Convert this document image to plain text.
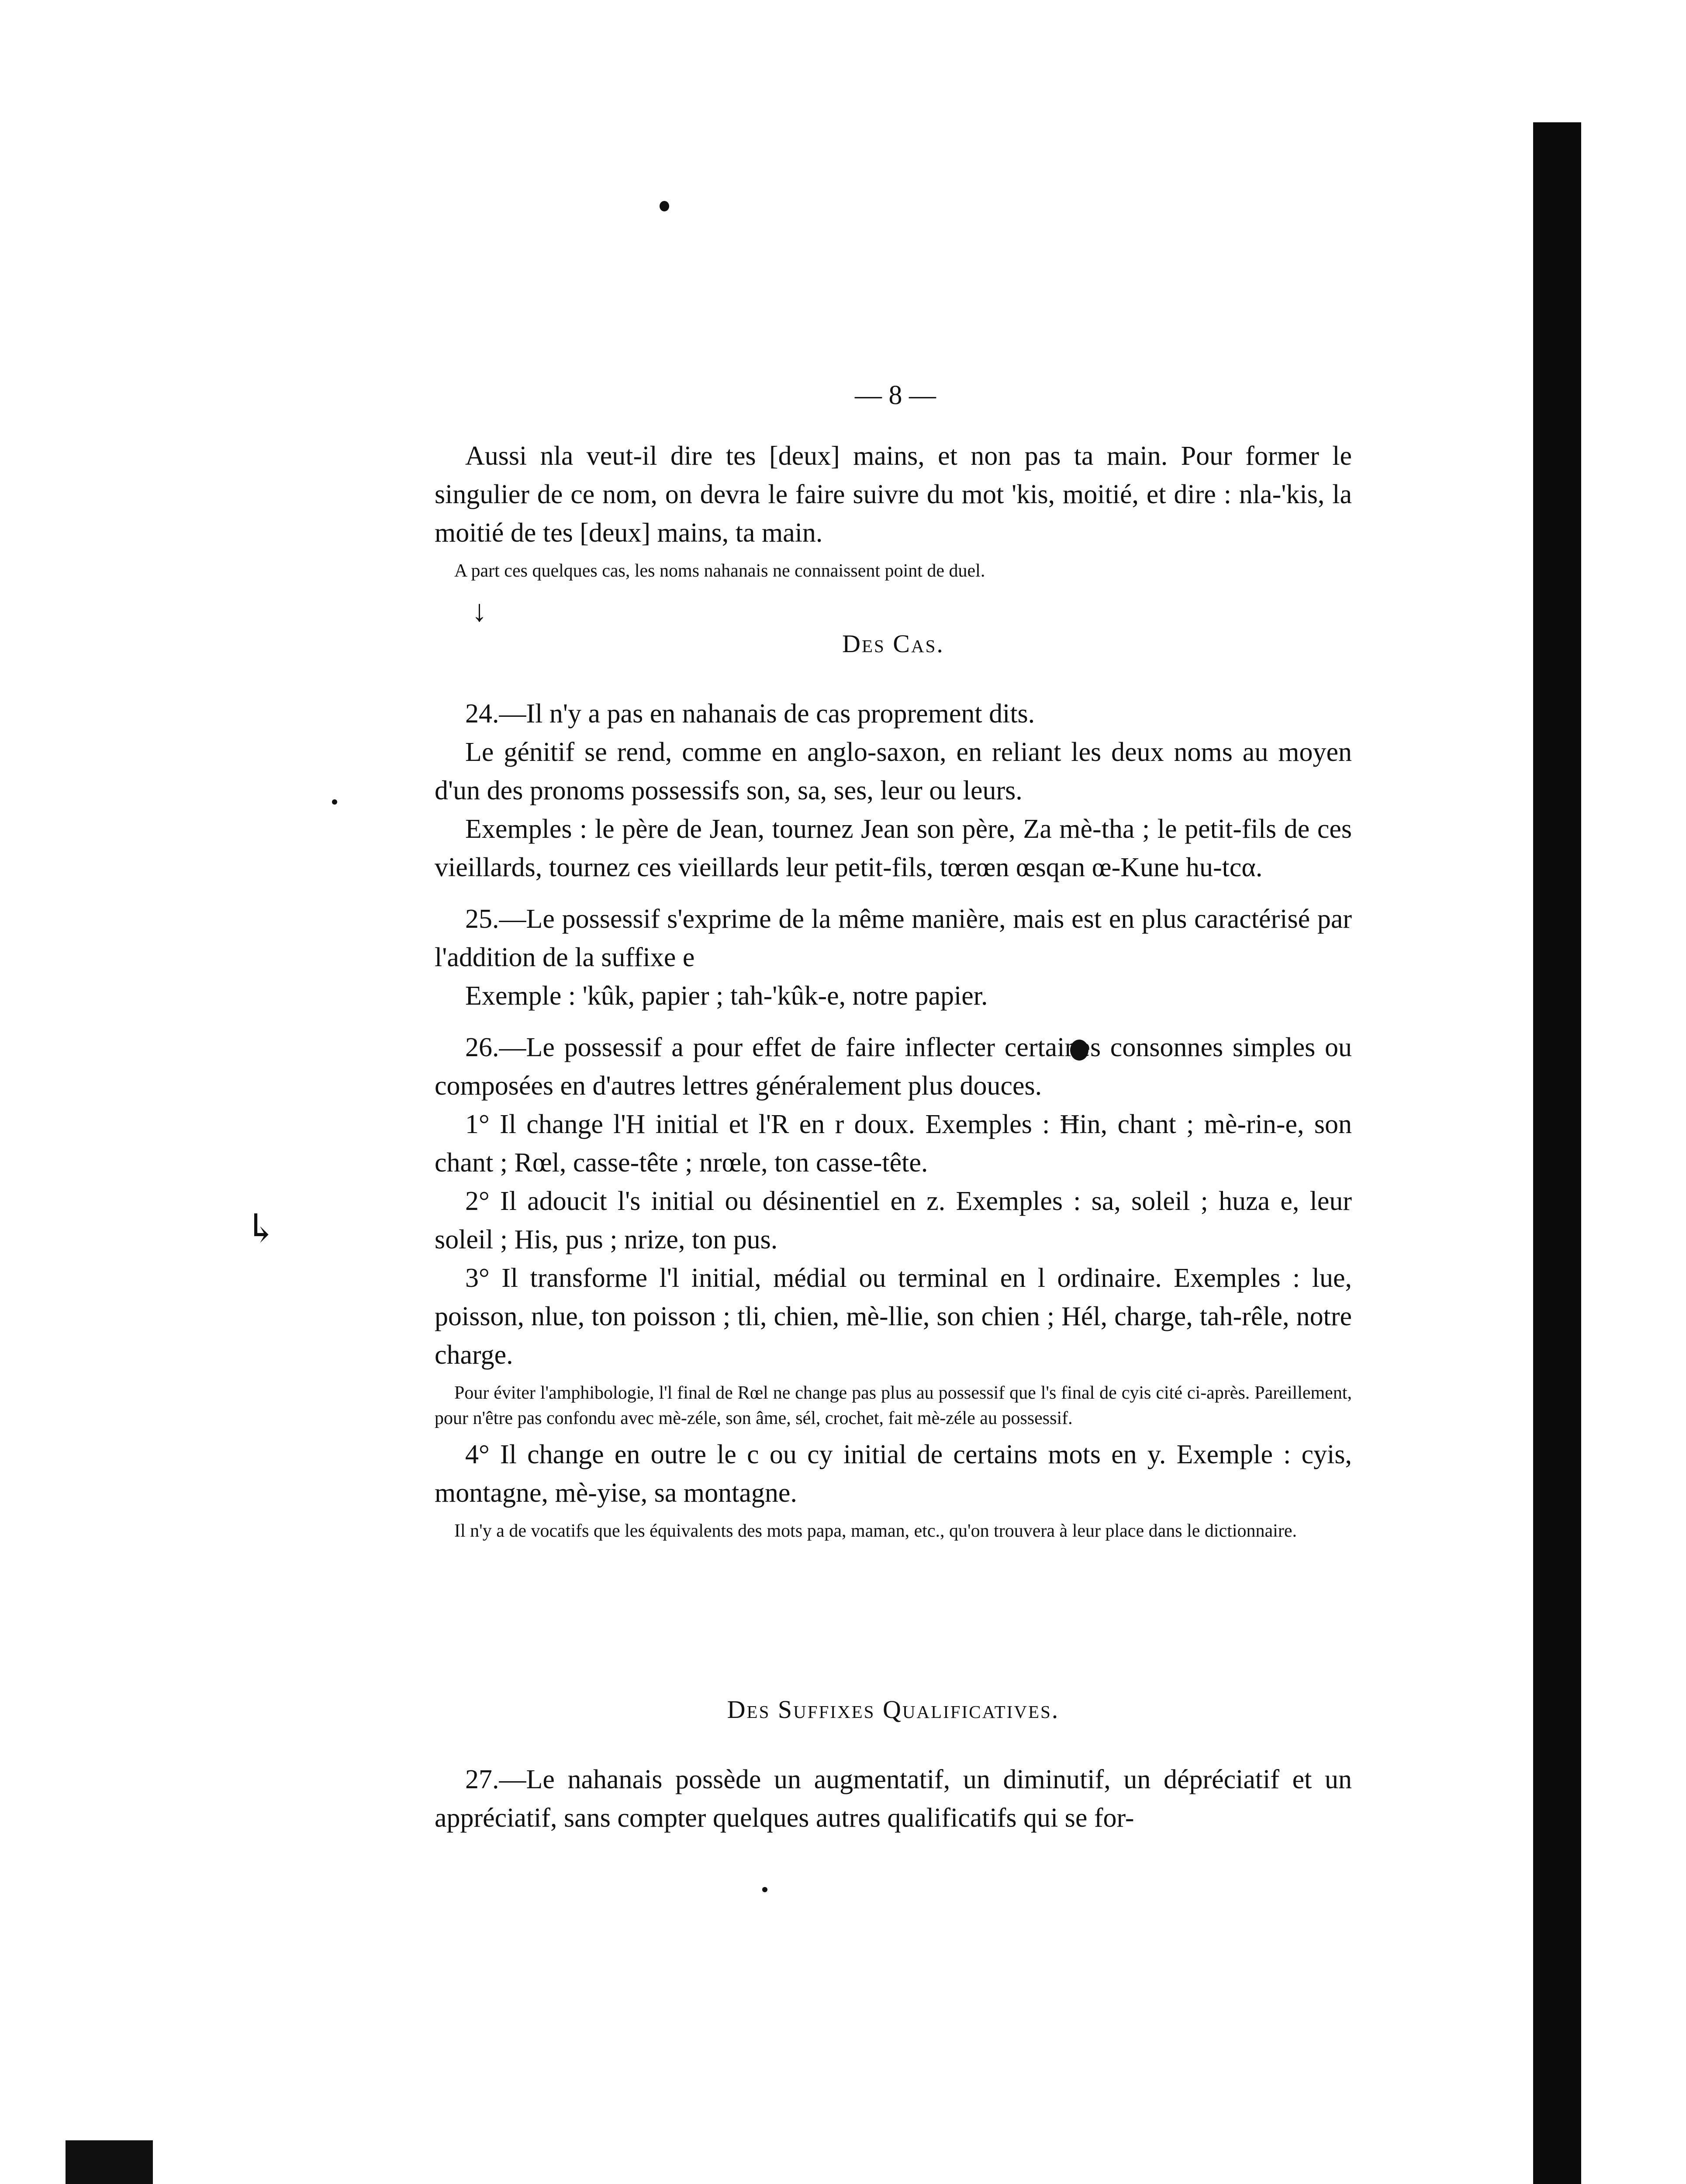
— 8 —
↳
↓

Aussi nla veut-il dire tes [deux] mains, et non pas ta main. Pour former le singulier de ce nom, on devra le faire suivre du mot 'kis, moitié, et dire : nla-'kis, la moitié de tes [deux] mains, ta main.

A part ces quelques cas, les noms nahanais ne connaissent point de duel.

Des Cas.

24.—Il n'y a pas en nahanais de cas proprement dits.

Le génitif se rend, comme en anglo-saxon, en reliant les deux noms au moyen d'un des pronoms possessifs son, sa, ses, leur ou leurs.

Exemples : le père de Jean, tournez Jean son père, Za mè-tha ; le petit-fils de ces vieillards, tournez ces vieillards leur petit-fils, tœrœn œsqan œ-Kune hu-tcα.

25.—Le possessif s'exprime de la même manière, mais est en plus caractérisé par l'addition de la suffixe e

Exemple : 'kûk, papier ; tah-'kûk-e, notre papier.

26.—Le possessif a pour effet de faire inflecter certaines consonnes simples ou composées en d'autres lettres généralement plus douces.

1° Il change l'H initial et l'R en r doux. Exemples : Ħin, chant ; mè-rin-e, son chant ; Rœl, casse-tête ; nrœle, ton casse-tête.

2° Il adoucit l's initial ou désinentiel en z. Exemples : sa, soleil ; huza e, leur soleil ; His, pus ; nrize, ton pus.

3° Il transforme l'l initial, médial ou terminal en l ordinaire. Exemples : lue, poisson, nlue, ton poisson ; tli, chien, mè-llie, son chien ; Hél, charge, tah-rêle, notre charge.

Pour éviter l'amphibologie, l'l final de Rœl ne change pas plus au possessif que l's final de cyis cité ci-après. Pareillement, pour n'être pas confondu avec mè-zéle, son âme, sél, crochet, fait mè-zéle au possessif.

4° Il change en outre le c ou cy initial de certains mots en y. Exemple : cyis, montagne, mè-yise, sa montagne.

Il n'y a de vocatifs que les équivalents des mots papa, maman, etc., qu'on trouvera à leur place dans le dictionnaire.

Des Suffixes Qualificatives.

27.—Le nahanais possède un augmentatif, un diminutif, un dépréciatif et un appréciatif, sans compter quelques autres qualificatifs qui se for-
